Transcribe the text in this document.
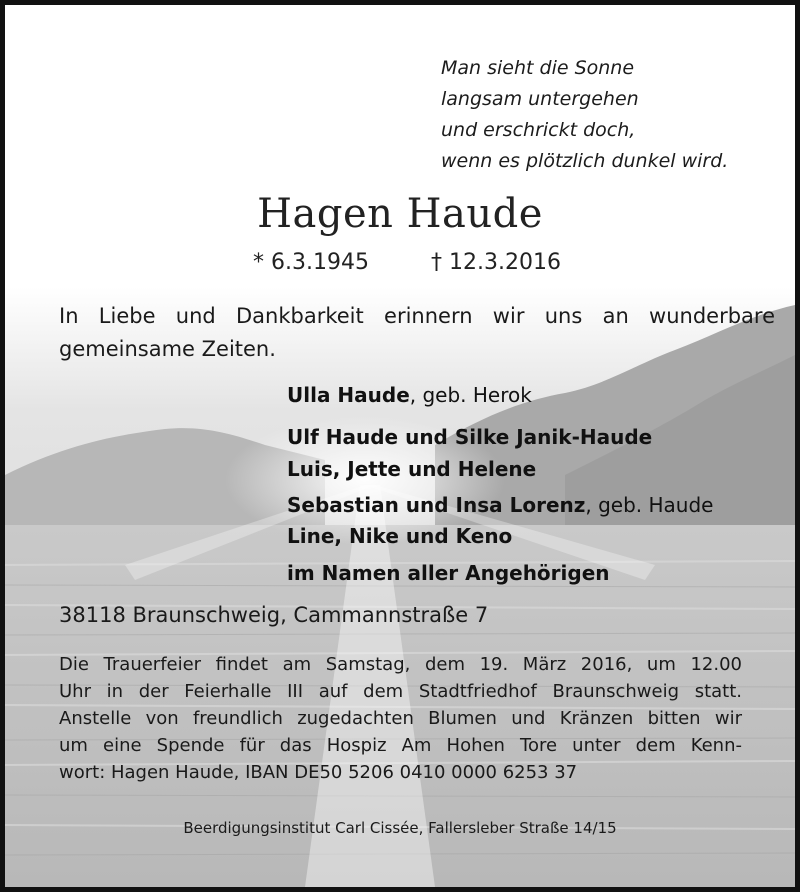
Man sieht die Sonne
langsam untergehen
und erschrickt doch,
wenn es plötzlich dunkel wird.
Hagen Haude
* 6.3.1945	† 12.3.2016
In Liebe und Dankbarkeit erinnern wir uns an wunderbare gemeinsame Zeiten.
Ulla Haude, geb. Herok
Ulf Haude und Silke Janik-Haude
Luis, Jette und Helene
Sebastian und Insa Lorenz, geb. Haude
Line, Nike und Keno
im Namen aller Angehörigen
38118 Braunschweig, Cammannstraße 7
Die Trauerfeier findet am Samstag, dem 19. März 2016, um 12.00
Uhr in der Feierhalle III auf dem Stadtfriedhof Braunschweig statt.
Anstelle von freundlich zugedachten Blumen und Kränzen bitten wir
um eine Spende für das Hospiz Am Hohen Tore unter dem Kenn-
wort: Hagen Haude, IBAN DE50 5206 0410 0000 6253 37
Beerdigungsinstitut Carl Cissée, Fallersleber Straße 14/15
